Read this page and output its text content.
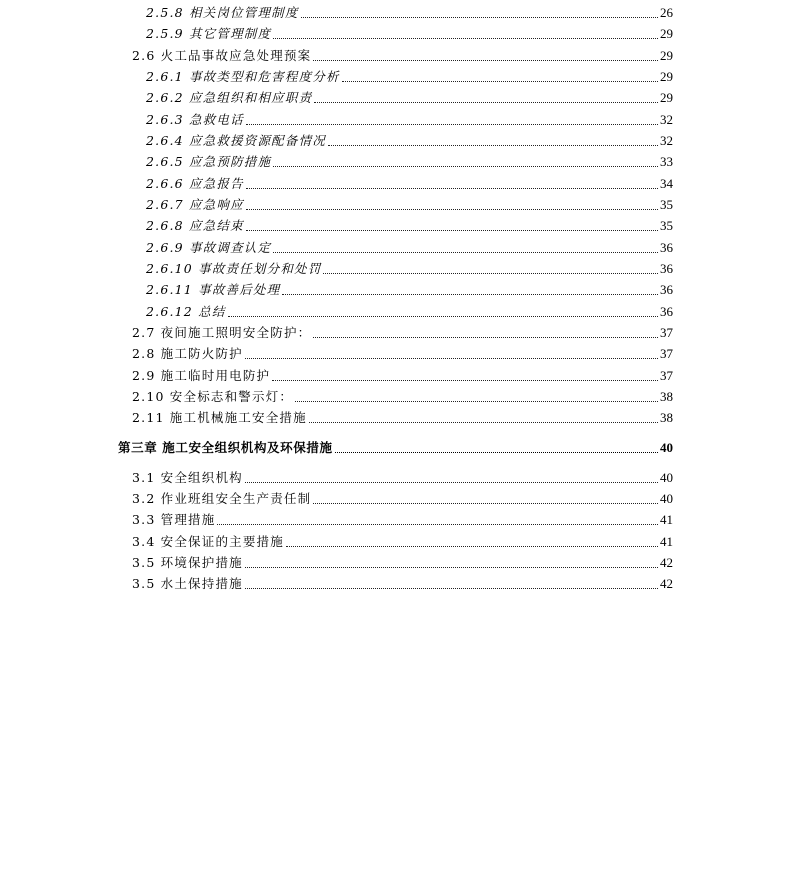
2.5.8 相关岗位管理制度	26
2.5.9 其它管理制度	29
2.6 火工品事故应急处理预案	29
2.6.1 事故类型和危害程度分析	29
2.6.2 应急组织和相应职责	29
2.6.3 急救电话	32
2.6.4 应急救援资源配备情况	32
2.6.5 应急预防措施	33
2.6.6 应急报告	34
2.6.7 应急响应	35
2.6.8 应急结束	35
2.6.9 事故调查认定	36
2.6.10 事故责任划分和处罚	36
2.6.11 事故善后处理	36
2.6.12 总结	36
2.7 夜间施工照明安全防护：	37
2.8 施工防火防护	37
2.9 施工临时用电防护	37
2.10 安全标志和警示灯：	38
2.11 施工机械施工安全措施	38
第三章 施工安全组织机构及环保措施	40
3.1 安全组织机构	40
3.2 作业班组安全生产责任制	40
3.3 管理措施	41
3.4 安全保证的主要措施	41
3.5 环境保护措施	42
3.5 水土保持措施	42
